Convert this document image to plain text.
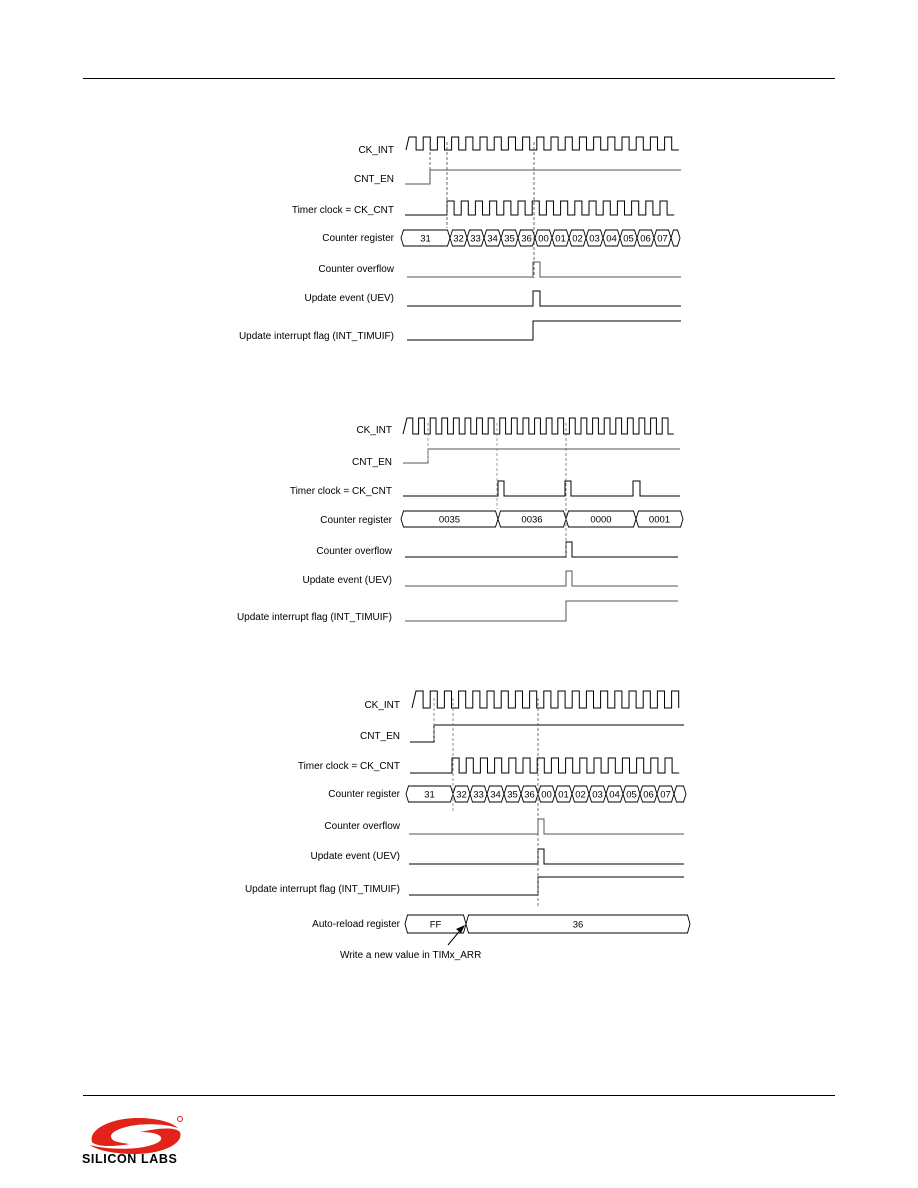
CK_INT
CNT_EN
Timer clock = CK_CNT
Counter register
Counter overflow
Update event (UEV)
Update interrupt flag (INT_TIMUIF)
31 32 33 34 35 36 00 01 02 03 04 05 06 07
CK_INT
CNT_EN
Timer clock = CK_CNT
Counter register
Counter overflow
Update event (UEV)
Update interrupt flag (INT_TIMUIF)
0035	0036	0000	0001
CK_INT
CNT_EN
Timer clock = CK_CNT
Counter register
Counter overflow
Update event (UEV)
Update interrupt flag (INT_TIMUIF)
Auto-reload register
Write a new value in TIMx_ARR
31 32 33 34 35 36 00 01 02 03 04 05 06 07
FF	36
SILICON LABS
